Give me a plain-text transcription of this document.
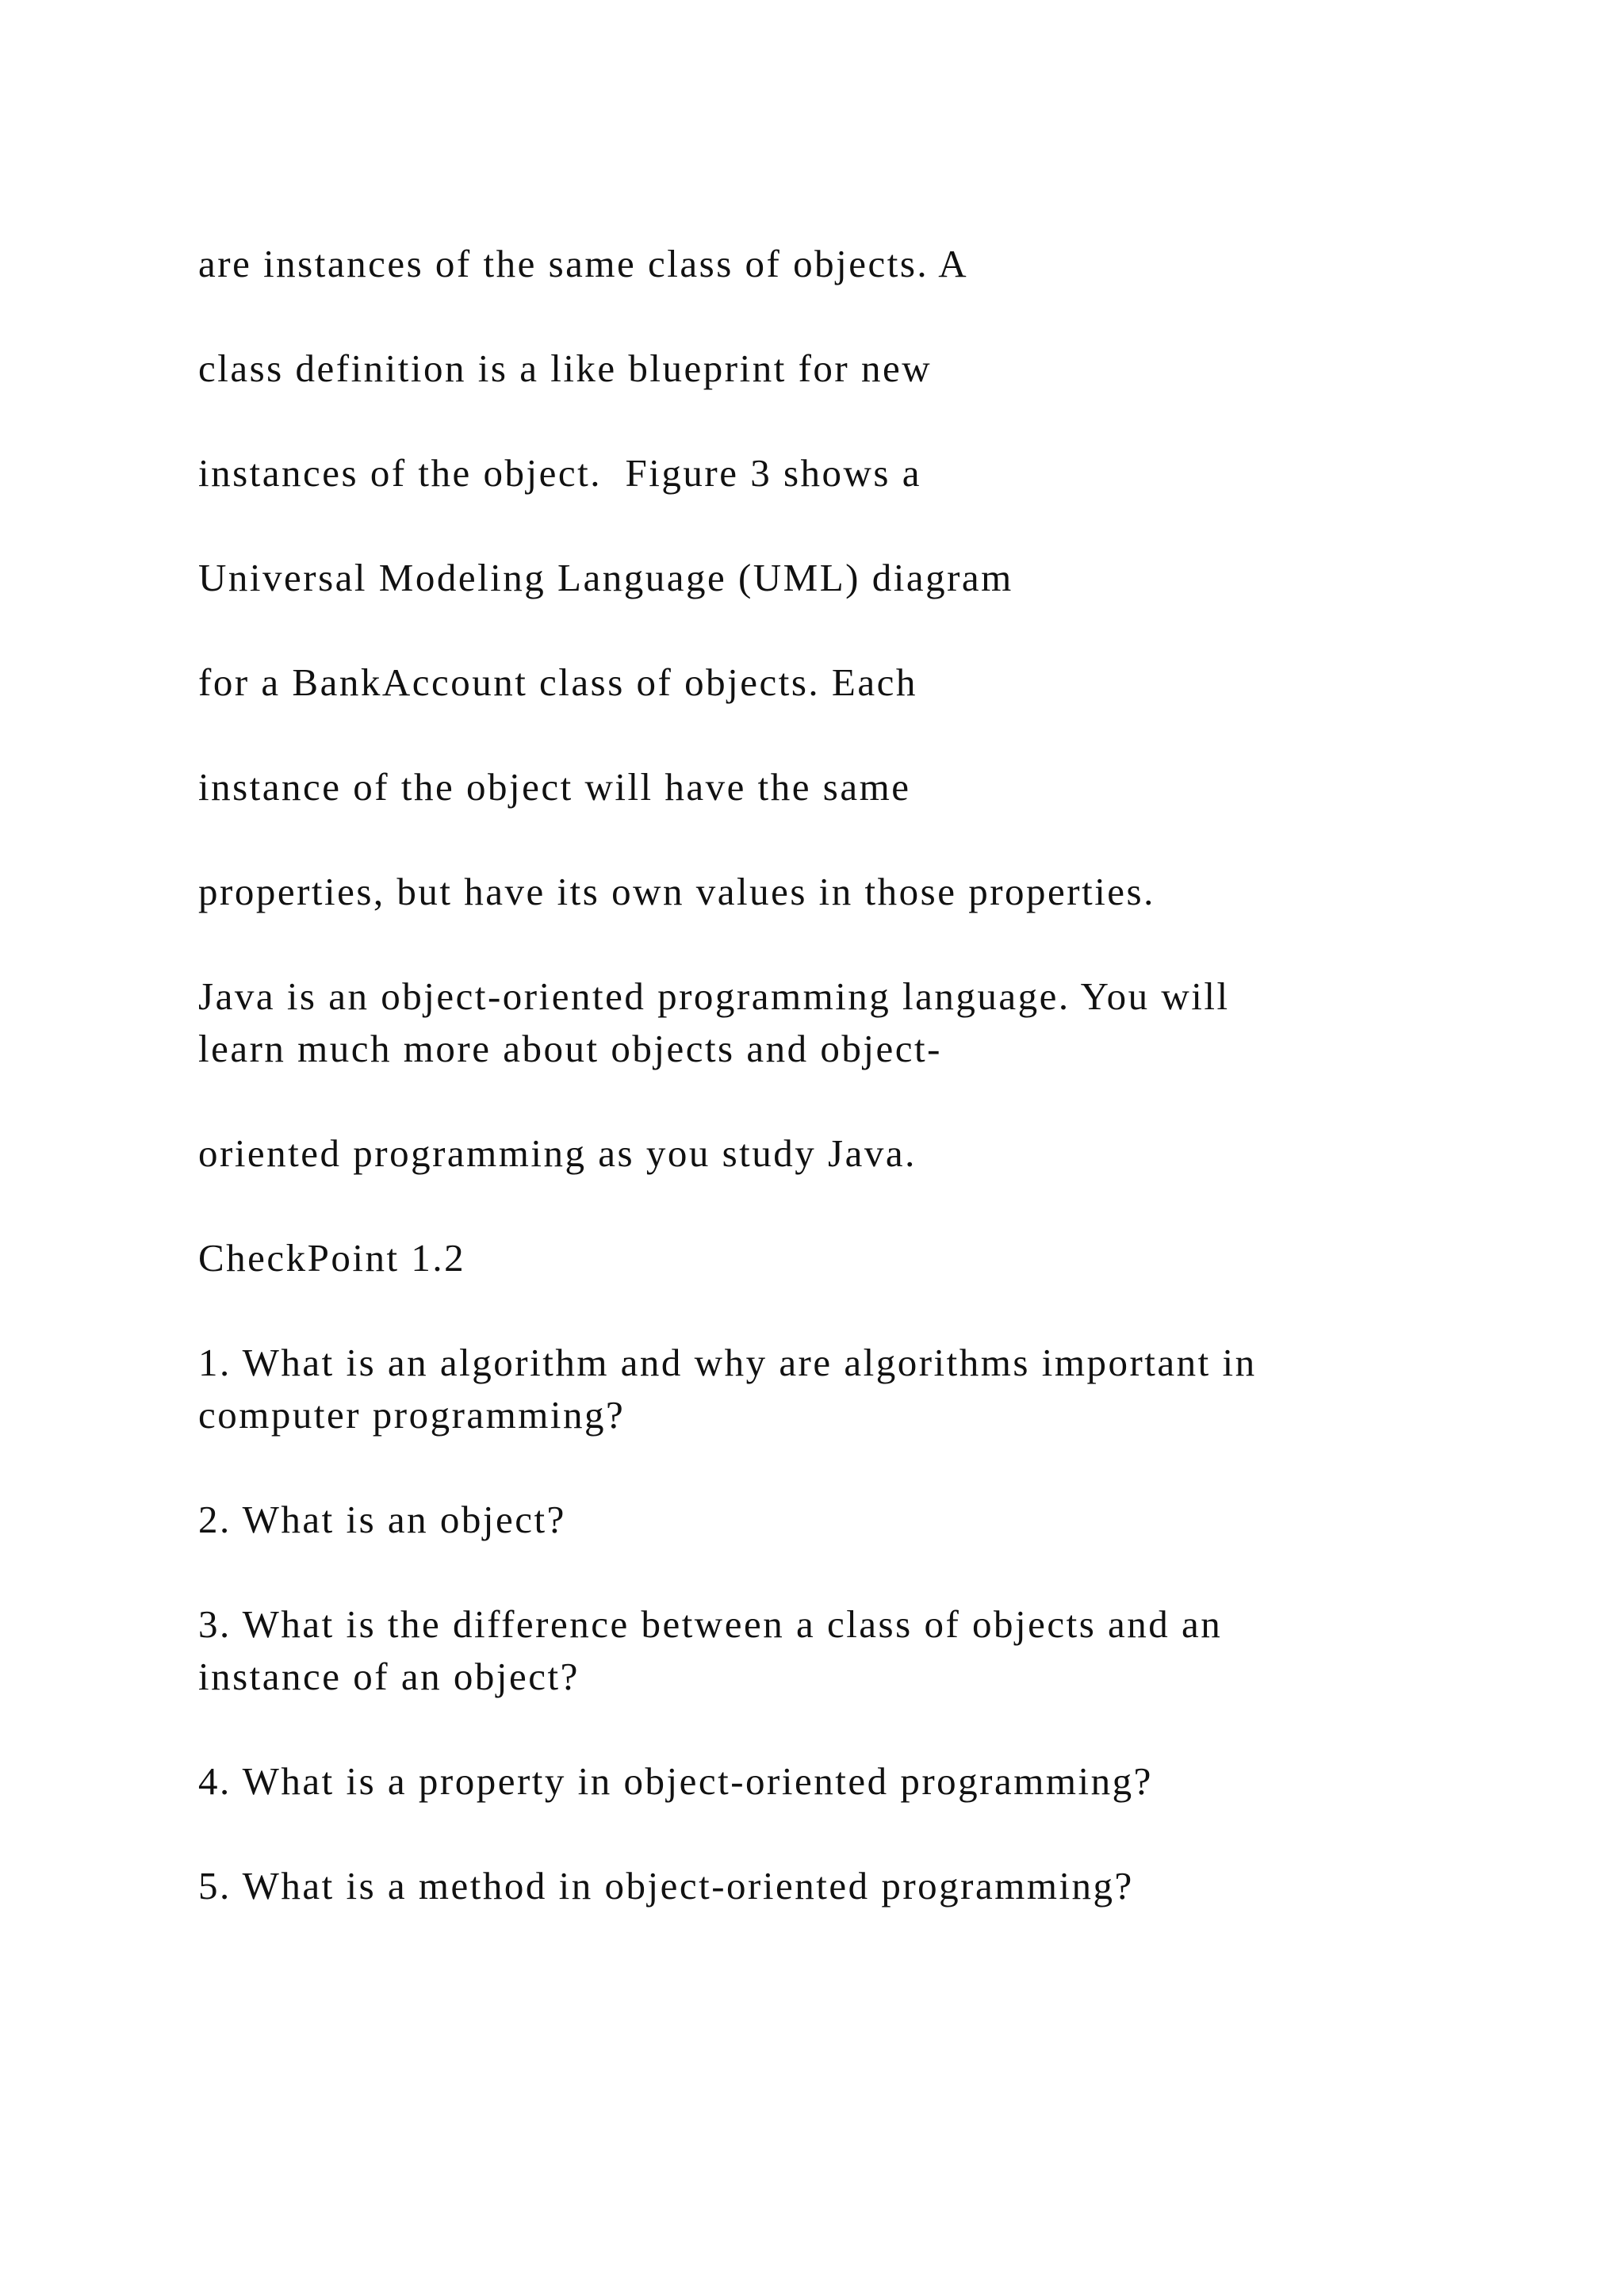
are instances of the same class of objects. A

class definition is a like blueprint for new

instances of the object.  Figure 3 shows a

Universal Modeling Language (UML) diagram

for a BankAccount class of objects. Each

instance of the object will have the same

properties, but have its own values in those properties.

Java is an object-oriented programming language. You will
learn much more about objects and object-

oriented programming as you study Java.

CheckPoint 1.2

1. What is an algorithm and why are algorithms important in
computer programming?

2. What is an object?

3. What is the difference between a class of objects and an
instance of an object?

4. What is a property in object-oriented programming?

5. What is a method in object-oriented programming?
